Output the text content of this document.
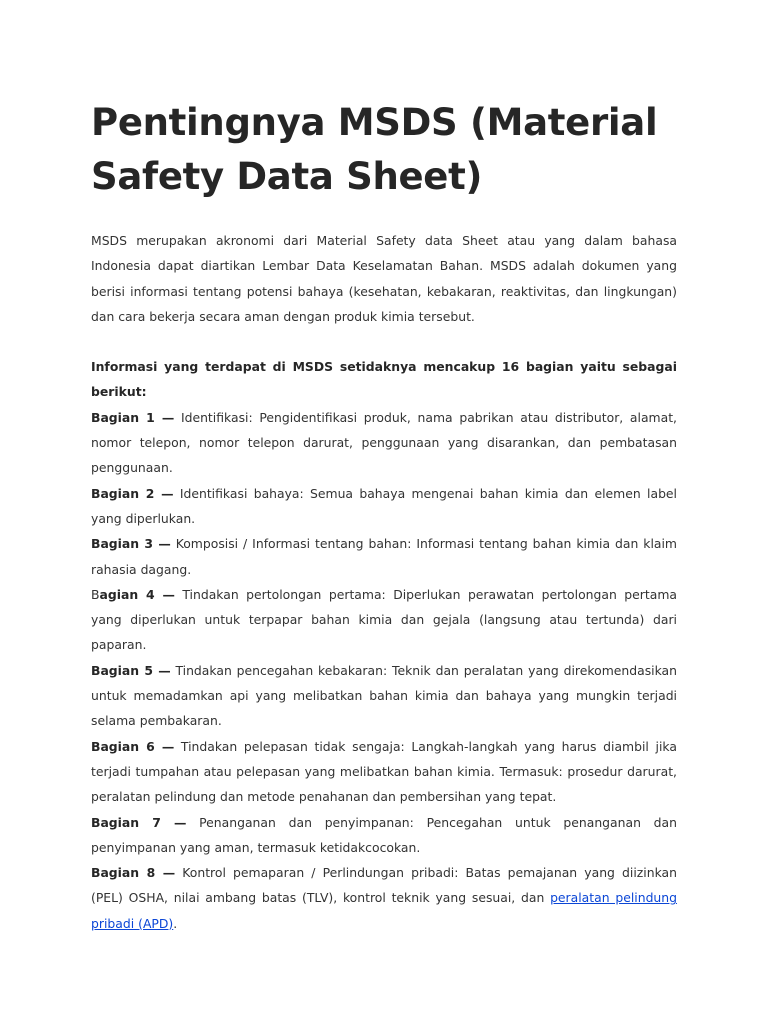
Pentingnya MSDS (Material Safety Data Sheet)

MSDS merupakan akronomi dari Material Safety data Sheet atau yang dalam bahasa Indonesia dapat diartikan Lembar Data Keselamatan Bahan. MSDS adalah dokumen yang berisi informasi tentang potensi bahaya (kesehatan, kebakaran, reaktivitas, dan lingkungan) dan cara bekerja secara aman dengan produk kimia tersebut.

Informasi yang terdapat di MSDS setidaknya mencakup 16 bagian yaitu sebagai berikut:

Bagian 1 — Identifikasi: Pengidentifikasi produk, nama pabrikan atau distributor, alamat, nomor telepon, nomor telepon darurat, penggunaan yang disarankan, dan pembatasan penggunaan.

Bagian 2 — Identifikasi bahaya: Semua bahaya mengenai bahan kimia dan elemen label yang diperlukan.

Bagian 3 — Komposisi / Informasi tentang bahan: Informasi tentang bahan kimia dan klaim rahasia dagang.

Bagian 4 — Tindakan pertolongan pertama: Diperlukan perawatan pertolongan pertama yang diperlukan untuk terpapar bahan kimia dan gejala (langsung atau tertunda) dari paparan.

Bagian 5 — Tindakan pencegahan kebakaran: Teknik dan peralatan yang direkomendasikan untuk memadamkan api yang melibatkan bahan kimia dan bahaya yang mungkin terjadi selama pembakaran.

Bagian 6 — Tindakan pelepasan tidak sengaja: Langkah-langkah yang harus diambil jika terjadi tumpahan atau pelepasan yang melibatkan bahan kimia. Termasuk: prosedur darurat, peralatan pelindung dan metode penahanan dan pembersihan yang tepat.

Bagian 7 — Penanganan dan penyimpanan: Pencegahan untuk penanganan dan penyimpanan yang aman, termasuk ketidakcocokan.

Bagian 8 — Kontrol pemaparan / Perlindungan pribadi: Batas pemajanan yang diizinkan (PEL) OSHA, nilai ambang batas (TLV), kontrol teknik yang sesuai, dan peralatan pelindung pribadi (APD).
